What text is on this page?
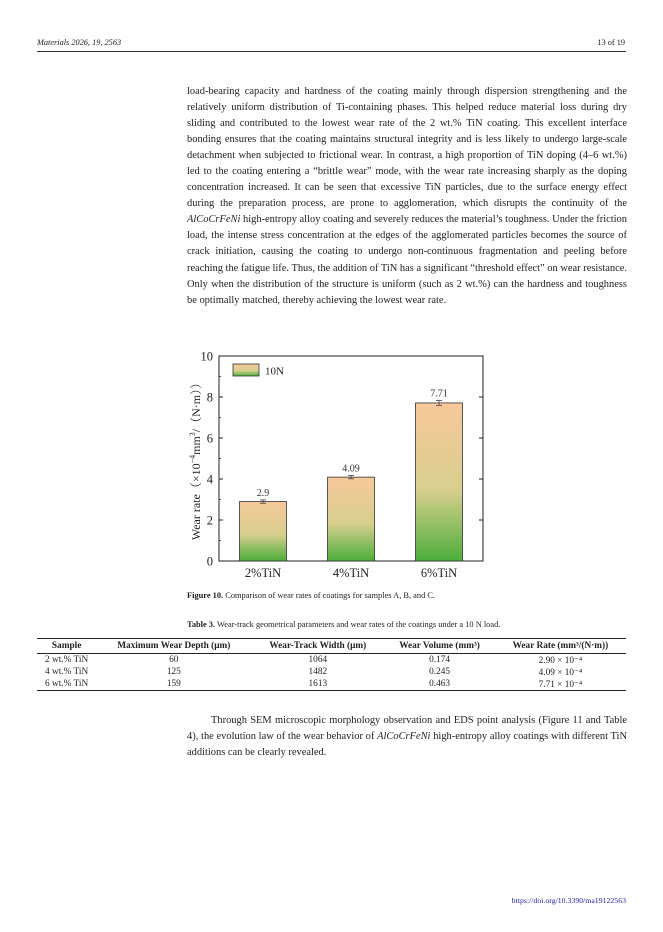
Materials 2026, 19, 2563	13 of 19

load-bearing capacity and hardness of the coating mainly through dispersion strengthening and the relatively uniform distribution of Ti-containing phases. This helped reduce material loss during dry sliding and contributed to the lowest wear rate of the 2 wt.% TiN coating. This excellent interface bonding ensures that the coating maintains structural integrity and is less likely to undergo large-scale detachment when subjected to frictional wear. In contrast, a high proportion of TiN doping (4–6 wt.%) led to the coating entering a “brittle wear” mode, with the wear rate increasing sharply as the doping concentration increased. It can be seen that excessive TiN particles, due to the surface energy effect during the preparation process, are prone to agglomeration, which disrupts the continuity of the AlCoCrFeNi high-entropy alloy coating and severely reduces the material’s toughness. Under the friction load, the intense stress concentration at the edges of the agglomerated particles becomes the source of crack initiation, causing the coating to undergo non-continuous fragmentation and peeling before reaching the fatigue life. Thus, the addition of TiN has a significant “threshold effect” on wear resistance. Only when the distribution of the structure is uniform (such as 2 wt.%) can the hardness and toughness be optimally matched, thereby achieving the lowest wear rate.

0
2
4
6
8
10
Wear $rate(\times 10^{-4}mm^3/(N\cdot m))$
2.9
2%TiN
4.09
4%TiN
7.71
6%TiN
10N
Figure 10. Comparison of wear rates of coatings for samples A, B, and C.
Table 3. Wear-track geometrical parameters and wear rates of the coatings under a 10 N load.
Sample	Maximum Wear Depth (μm)	Wear-Track Width (μm)	Wear Volume (mm³)	Wear Rate (mm³/(N·m))
2 wt.% TiN	60	1064	0.174	2.90 × 10⁻⁴
4 wt.% TiN	125	1482	0.245	4.09 × 10⁻⁴
6 wt.% TiN	159	1613	0.463	7.71 × 10⁻⁴
Through SEM microscopic morphology observation and EDS point analysis (Figure 11 and Table 4), the evolution law of the wear behavior of AlCoCrFeNi high-entropy alloy coatings with different TiN additions can be clearly revealed.
https://doi.org/10.3390/ma19122563
